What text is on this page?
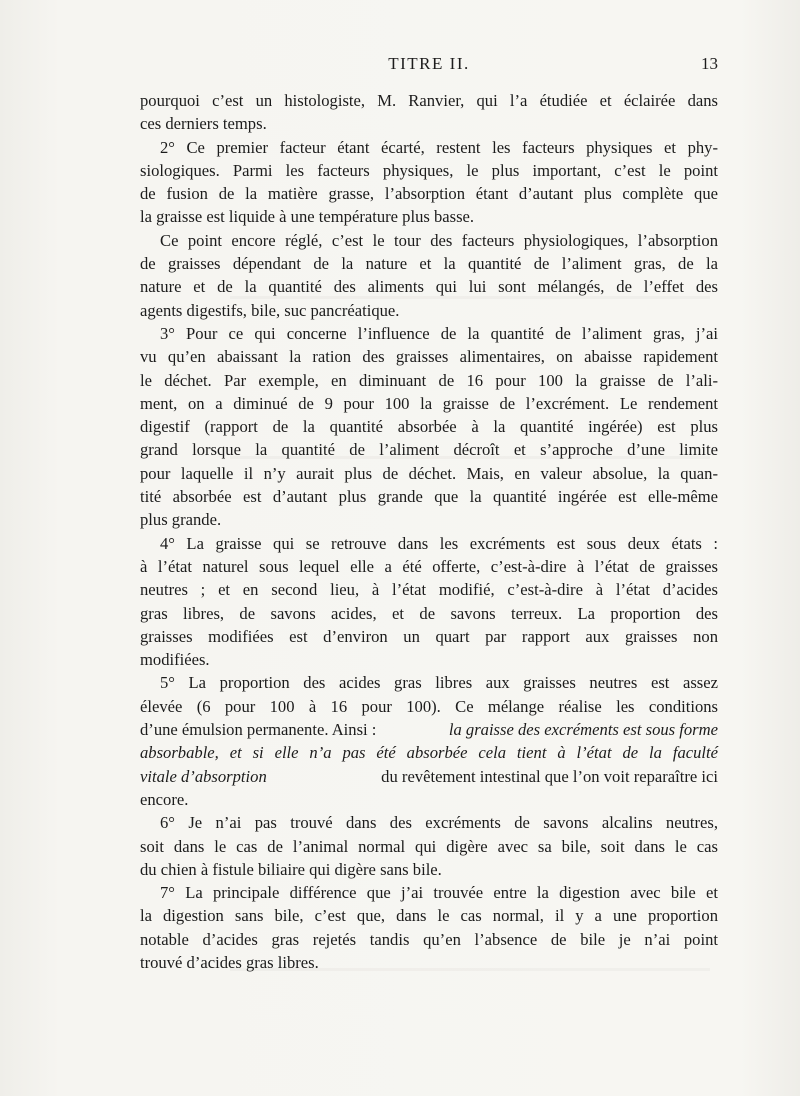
TITRE II.	13
pourquoi c’est un histologiste, M. Ranvier, qui l’a étudiée et éclairée dans
ces derniers temps.
2° Ce premier facteur étant écarté, restent les facteurs physiques et phy-
siologiques. Parmi les facteurs physiques, le plus important, c’est le point
de fusion de la matière grasse, l’absorption étant d’autant plus complète que
la graisse est liquide à une température plus basse.
Ce point encore réglé, c’est le tour des facteurs physiologiques, l’absorption
de graisses dépendant de la nature et la quantité de l’aliment gras, de la
nature et de la quantité des aliments qui lui sont mélangés, de l’effet des
agents digestifs, bile, suc pancréatique.
3° Pour ce qui concerne l’influence de la quantité de l’aliment gras, j’ai
vu qu’en abaissant la ration des graisses alimentaires, on abaisse rapidement
le déchet. Par exemple, en diminuant de 16 pour 100 la graisse de l’ali-
ment, on a diminué de 9 pour 100 la graisse de l’excrément. Le rendement
digestif (rapport de la quantité absorbée à la quantité ingérée) est plus
grand lorsque la quantité de l’aliment décroît et s’approche d’une limite
pour laquelle il n’y aurait plus de déchet. Mais, en valeur absolue, la quan-
tité absorbée est d’autant plus grande que la quantité ingérée est elle-même
plus grande.
4° La graisse qui se retrouve dans les excréments est sous deux états :
à l’état naturel sous lequel elle a été offerte, c’est-à-dire à l’état de graisses
neutres ; et en second lieu, à l’état modifié, c’est-à-dire à l’état d’acides
gras libres, de savons acides, et de savons terreux. La proportion des
graisses modifiées est d’environ un quart par rapport aux graisses non
modifiées.
5° La proportion des acides gras libres aux graisses neutres est assez
élevée (6 pour 100 à 16 pour 100). Ce mélange réalise les conditions
d’une émulsion permanente. Ainsi :	la graisse des excréments est sous forme
absorbable, et si elle n’a pas été absorbée cela tient à l’état de la faculté
vitale d’absorption	du revêtement intestinal que l’on voit reparaître ici
encore.
6° Je n’ai pas trouvé dans des excréments de savons alcalins neutres,
soit dans le cas de l’animal normal qui digère avec sa bile, soit dans le cas
du chien à fistule biliaire qui digère sans bile.
7° La principale différence que j’ai trouvée entre la digestion avec bile et
la digestion sans bile, c’est que, dans le cas normal, il y a une proportion
notable d’acides gras rejetés tandis qu’en l’absence de bile je n’ai point
trouvé d’acides gras libres.
